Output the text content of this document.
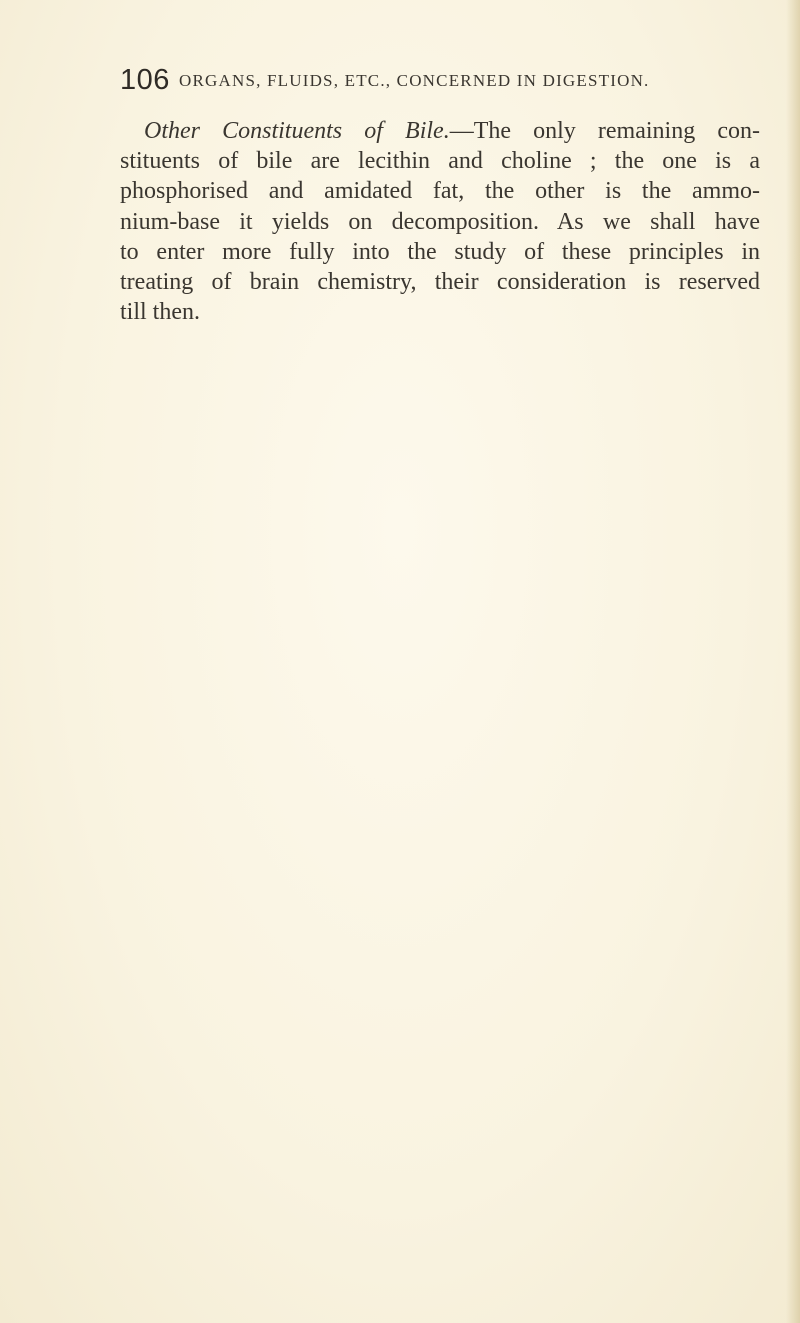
106 ORGANS, FLUIDS, ETC., CONCERNED IN DIGESTION.
Other Constituents of Bile.—The only remaining con-
stituents of bile are lecithin and choline ; the one is a
phosphorised and amidated fat, the other is the ammo-
nium-base it yields on decomposition. As we shall have
to enter more fully into the study of these principles in
treating of brain chemistry, their consideration is reserved
till then.
